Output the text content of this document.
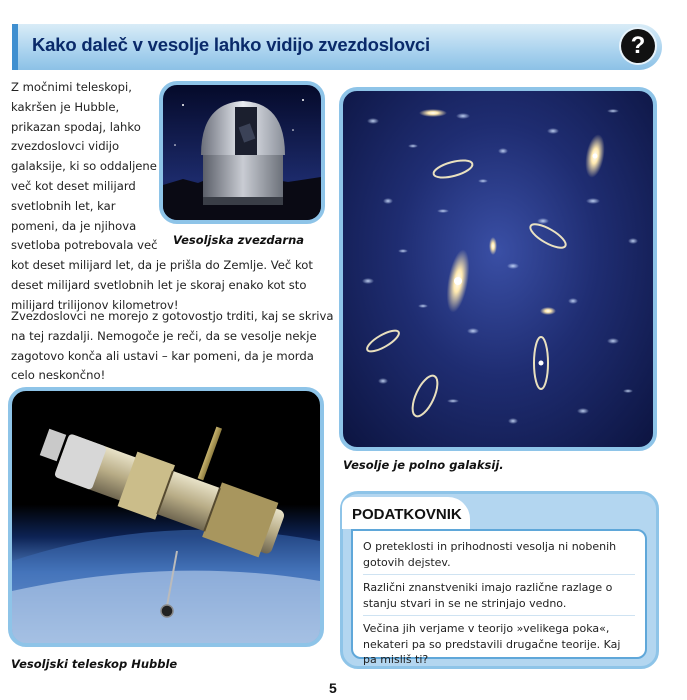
Kako daleč v vesolje lahko vidijo zvezdoslovci	?
Z močnimi teleskopi, kakršen je Hubble, prikazan spodaj, lahko zvezdoslovci vidijo galaksije, ki so oddaljene več kot deset milijard svetlobnih let, kar pomeni, da je njihova svetloba potrebovala več kot deset milijard let, da je prišla do Zemlje. Več kot deset milijard svetlobnih let je skoraj enako kot sto milijard trilijonov kilometrov!
Zvezdoslovci ne morejo z gotovostjo trditi, kaj se skriva na tej razdalji. Nemogoče je reči, da se vesolje nekje zagotovo konča ali ustavi – kar pomeni, da je morda celo neskončno!
Vesoljska zvezdarna
Vesolje je polno galaksij.
Vesoljski teleskop Hubble
PODATKOVNIK

O preteklosti in prihodnosti vesolja ni nobenih gotovih dejstev.

Različni znanstveniki imajo različne razlage o stanju stvari in se ne strinjajo vedno.

Večina jih verjame v teorijo »velikega poka«, nekateri pa so predstavili drugačne teorije. Kaj pa misliš ti?

5
